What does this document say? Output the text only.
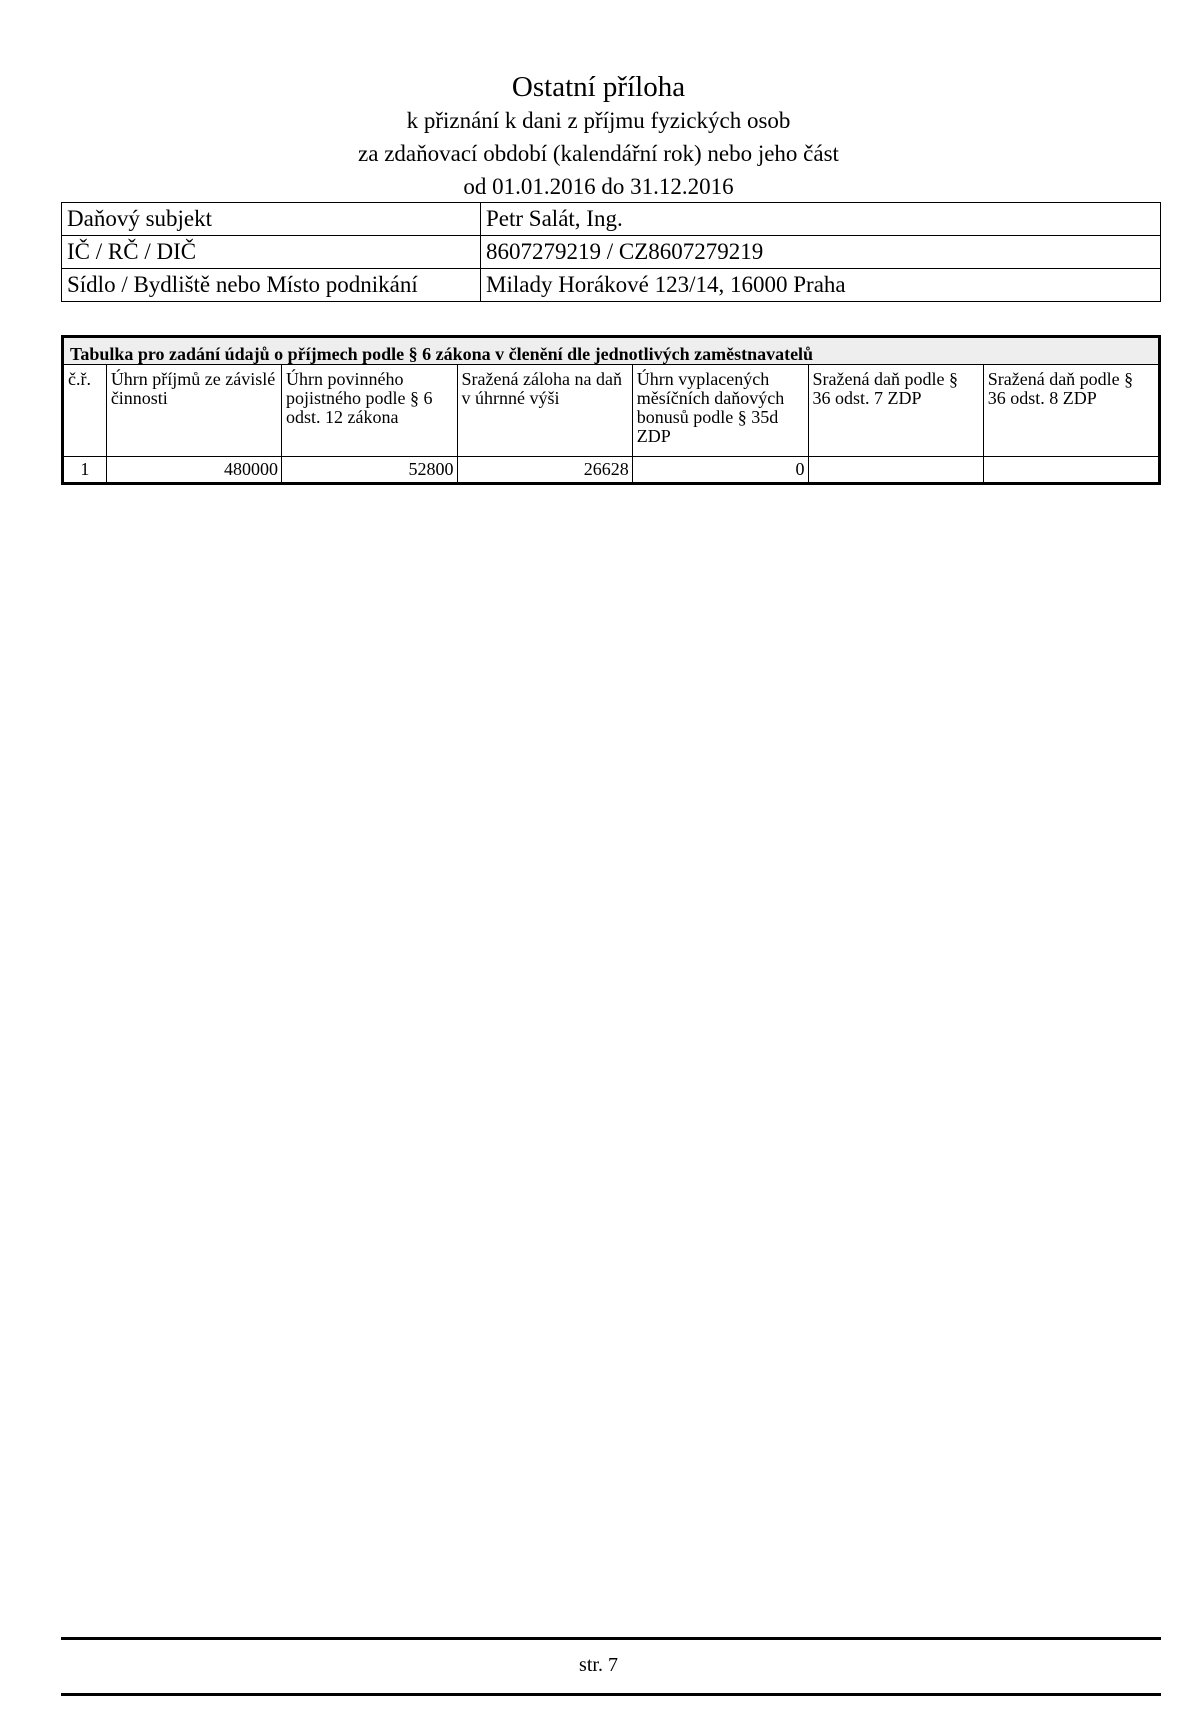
Ostatní příloha

k přiznání k dani z příjmu fyzických osob

za zdaňovací období (kalendářní rok) nebo jeho část

od 01.01.2016 do 31.12.2016

Daňový subjekt	Petr Salát, Ing.
IČ / RČ / DIČ	8607279219 / CZ8607279219
Sídlo / Bydliště nebo Místo podnikání	Milady Horákové 123/14, 16000 Praha
Tabulka pro zadání údajů o příjmech podle § 6 zákona v členění dle jednotlivých zaměstnavatelů						
č.ř.	Úhrn příjmů ze závislé činnosti	Úhrn povinného pojistného podle § 6 odst. 12 zákona	Sražená záloha na daň v úhrnné výši	Úhrn vyplacených měsíčních daňových bonusů podle § 35d ZDP	Sražená daň podle § 36 odst. 7 ZDP	Sražená daň podle § 36 odst. 8 ZDP
1	480000	52800	26628	0		
str. 7
